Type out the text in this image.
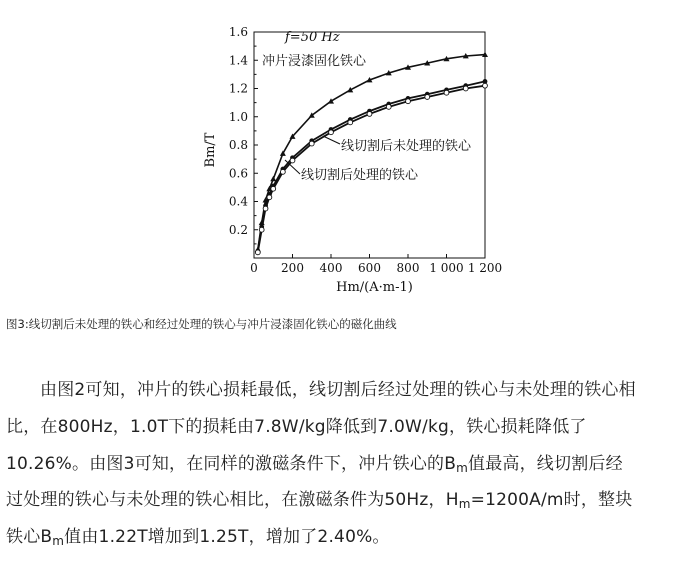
0 200 400 600 800 1 000 1 200
0.2
0.4
0.6
0.8
1.0
1.2
1.4
1.6	f=50 Hz
冲片浸漆固化铁心
线切割后未处理的铁心
线切割后处理的铁心
Hm/(A·m-1)
Bm/T
图3:线切割后未处理的铁心和经过处理的铁心与冲片浸漆固化铁心的磁化曲线
由图2可知，冲片的铁心损耗最低，线切割后经过处理的铁心与未处理的铁心相
比，在800Hz，1.0T下的损耗由7.8W/kg降低到7.0W/kg，铁心损耗降低了
10.26%。由图3可知，在同样的激磁条件下，冲片铁心的$B_m$值最高，线切割后经
过处理的铁心与未处理的铁心相比，在激磁条件为50Hz，$H_m=1200A/m$时，整块
铁心$B_m$值由1.22T增加到1.25T，增加了2.40%。
